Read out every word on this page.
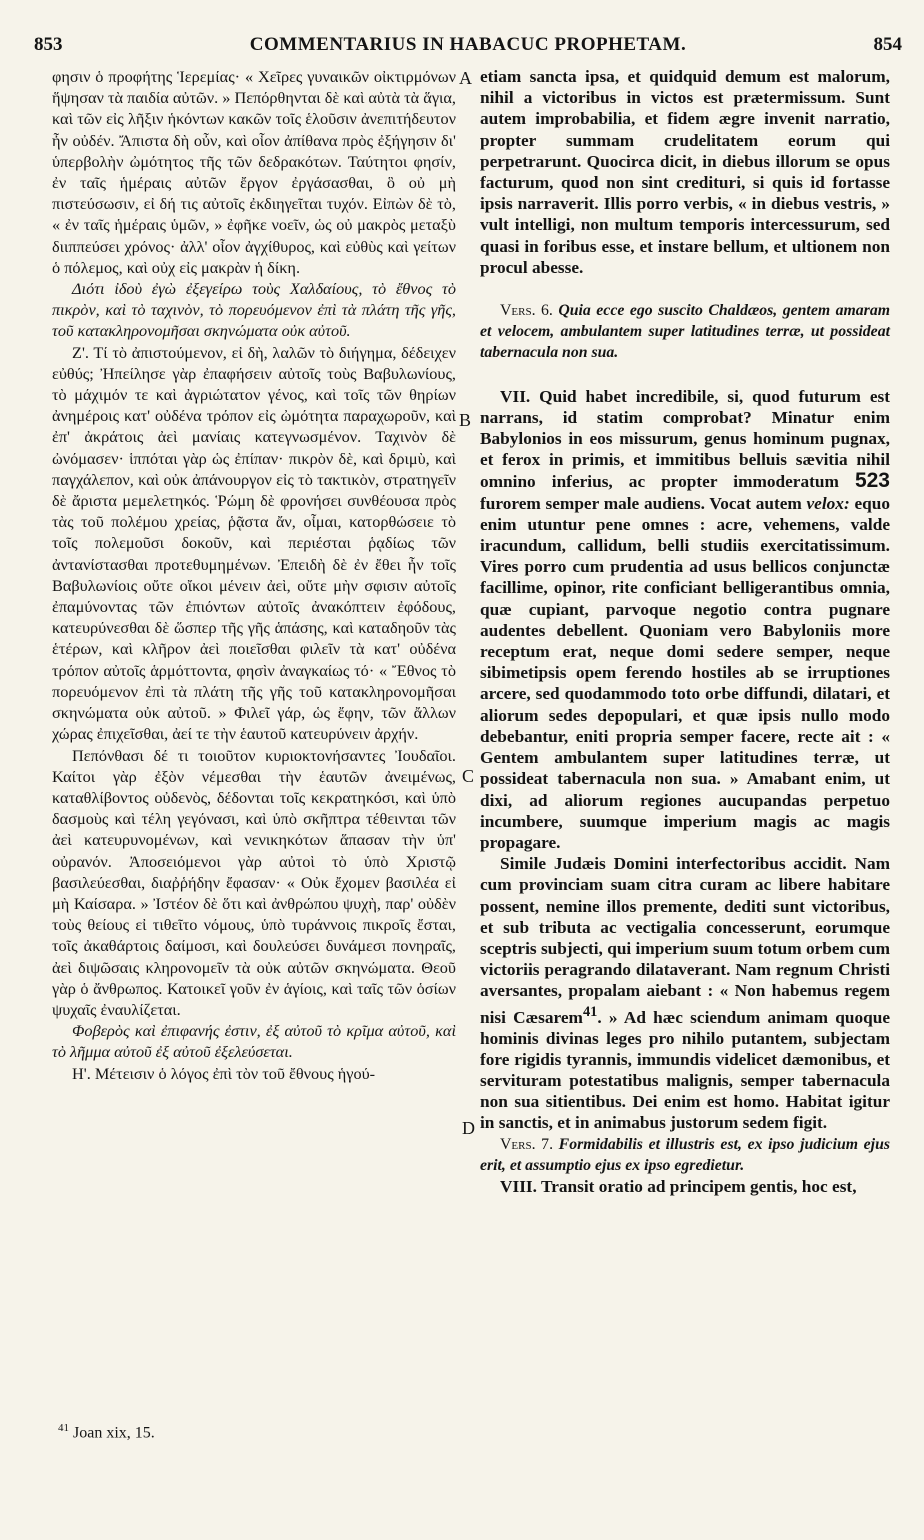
853	COMMENTARIUS IN HABACUC PROPHETAM.	854

φησιν ὁ προφήτης Ἱερεμίας· « Χεῖρες γυναικῶν οἰκτιρμόνων ἥψησαν τὰ παιδία αὐτῶν. » Πεπόρθηνται δὲ καὶ αὐτὰ τὰ ἅγια, καὶ τῶν εἰς λῆξιν ἡκόντων κακῶν τοῖς ἑλοῦσιν ἀνεπιτήδευτον ἦν οὐδέν. Ἄπιστα δὴ οὖν, καὶ οἷον ἀπίθανα πρὸς ἐξήγησιν δι' ὑπερβολὴν ὠμότητος τῆς τῶν δεδρακότων. Ταύτητοι φησίν, ἐν ταῖς ἡμέραις αὐτῶν ἔργον ἐργάσασθαι, ὃ οὐ μὴ πιστεύσωσιν, εἰ δή τις αὐτοῖς ἐκδιηγεῖται τυχόν. Εἰπὼν δὲ τὸ, « ἐν ταῖς ἡμέραις ὑμῶν, » ἐφῆκε νοεῖν, ὡς οὐ μακρὸς μεταξὺ διιππεύσει χρόνος· ἀλλ' οἷον ἀγχίθυρος, καὶ εὐθὺς καὶ γείτων ὁ πόλεμος, καὶ οὐχ εἰς μακρὰν ἡ δίκη.

Διότι ἰδοὺ ἐγὼ ἐξεγείρω τοὺς Χαλδαίους, τὸ ἔθνος τὸ πικρὸν, καὶ τὸ ταχινὸν, τὸ πορευόμενον ἐπὶ τὰ πλάτη τῆς γῆς, τοῦ κατακληρονομῆσαι σκηνώματα οὐκ αὐτοῦ.

Ζ'. Τί τὸ ἀπιστούμενον, εἰ δὴ, λαλῶν τὸ διήγημα, δέδειχεν εὐθύς; Ἠπείλησε γὰρ ἐπαφήσειν αὐτοῖς τοὺς Βαβυλωνίους, τὸ μάχιμόν τε καὶ ἀγριώτατον γένος, καὶ τοῖς τῶν θηρίων ἀνημέροις κατ' οὐδένα τρόπον εἰς ὠμότητα παραχωροῦν, καὶ ἐπ' ἀκράτοις ἀεὶ μανίαις κατεγνωσμένον. Ταχινὸν δὲ ὠνόμασεν· ἱππόται γὰρ ὡς ἐπίπαν· πικρὸν δὲ, καὶ δριμὺ, καὶ παγχάλεπον, καὶ οὐκ ἀπάνουργον εἰς τὸ τακτικὸν, στρατηγεῖν δὲ ἄριστα μεμελετηκός. Ῥώμη δὲ φρονήσει συνθέουσα πρὸς τὰς τοῦ πολέμου χρείας, ῥᾷστα ἄν, οἶμαι, κατορθώσειε τὸ τοῖς πολεμοῦσι δοκοῦν, καὶ περιέσται ῥᾳδίως τῶν ἀντανίστασθαι προτεθυμημένων. Ἐπειδὴ δὲ ἐν ἔθει ἦν τοῖς Βαβυλωνίοις οὔτε οἴκοι μένειν ἀεὶ, οὔτε μὴν σφισιν αὐτοῖς ἐπαμύνοντας τῶν ἐπιόντων αὐτοῖς ἀνακόπτειν ἐφόδους, κατευρύνεσθαι δὲ ὥσπερ τῆς γῆς ἁπάσης, καὶ καταδηοῦν τὰς ἑτέρων, καὶ κλῆρον ἀεὶ ποιεῖσθαι φιλεῖν τὰ κατ' οὐδένα τρόπον αὐτοῖς ἁρμόττοντα, φησὶν ἀναγκαίως τό· « Ἔθνος τὸ πορευόμενον ἐπὶ τὰ πλάτη τῆς γῆς τοῦ κατακληρονομῆσαι σκηνώματα οὐκ αὐτοῦ. » Φιλεῖ γάρ, ὡς ἔφην, τῶν ἄλλων χώρας ἐπιχεῖσθαι, ἀεί τε τὴν ἑαυτοῦ κατευρύνειν ἀρχήν.

Πεπόνθασι δέ τι τοιοῦτον κυριοκτονήσαντες Ἰουδαῖοι. Καίτοι γὰρ ἐξὸν νέμεσθαι τὴν ἑαυτῶν ἀνειμένως, καταθλίβοντος οὐδενὸς, δέδονται τοῖς κεκρατηκόσι, καὶ ὑπὸ δασμοὺς καὶ τέλη γεγόνασι, καὶ ὑπὸ σκῆπτρα τέθεινται τῶν ἀεὶ κατευρυνομένων, καὶ νενικηκότων ἅπασαν τὴν ὑπ' οὐρανόν. Ἀποσειόμενοι γὰρ αὐτοὶ τὸ ὑπὸ Χριστῷ βασιλεύεσθαι, διαῤῥήδην ἔφασαν· « Οὐκ ἔχομεν βασιλέα εἰ μὴ Καίσαρα. » Ἰστέον δὲ ὅτι καὶ ἀνθρώπου ψυχὴ, παρ' οὐδὲν τοὺς θείους εἰ τιθεῖτο νόμους, ὑπὸ τυράννοις πικροῖς ἔσται, τοῖς ἀκαθάρτοις δαίμοσι, καὶ δουλεύσει δυνάμεσι πονηραῖς, ἀεὶ διψῶσαις κληρονομεῖν τὰ οὐκ αὐτῶν σκηνώματα. Θεοῦ γὰρ ὁ ἄνθρωπος. Κατοικεῖ γοῦν ἐν ἁγίοις, καὶ ταῖς τῶν ὁσίων ψυχαῖς ἐναυλίζεται.

Φοβερὸς καὶ ἐπιφανής ἐστιν, ἐξ αὐτοῦ τὸ κρῖμα αὐτοῦ, καὶ τὸ λῆμμα αὐτοῦ ἐξ αὐτοῦ ἐξελεύσεται.

Η'. Μέτεισιν ὁ λόγος ἐπὶ τὸν τοῦ ἔθνους ἡγού-

A
B
C
D

etiam sancta ipsa, et quidquid demum est malorum, nihil a victoribus in victos est prætermissum. Sunt autem improbabilia, et fidem ægre invenit narratio, propter summam crudelitatem eorum qui perpetrarunt. Quocirca dicit, in diebus illorum se opus facturum, quod non sint credituri, si quis id fortasse ipsis narraverit. Illis porro verbis, « in diebus vestris, » vult intelligi, non multum temporis intercessurum, sed quasi in foribus esse, et instare bellum, et ultionem non procul abesse.

Vers. 6. Quia ecce ego suscito Chaldæos, gentem amaram et velocem, ambulantem super latitudines terræ, ut possideat tabernacula non sua.

VII. Quid habet incredibile, si, quod futurum est narrans, id statim comprobat? Minatur enim Babylonios in eos missurum, genus hominum pugnax, et ferox in primis, et immitibus belluis sævitia nihil omnino inferius, ac propter immoderatum 523 furorem semper male audiens. Vocat autem velox: equo enim utuntur pene omnes : acre, vehemens, valde iracundum, callidum, belli studiis exercitatissimum. Vires porro cum prudentia ad usus bellicos conjunctæ facillime, opinor, rite conficiant belligerantibus omnia, quæ cupiant, parvoque negotio contra pugnare audentes debellent. Quoniam vero Babyloniis more receptum erat, neque domi sedere semper, neque sibimetipsis opem ferendo hostiles ab se irruptiones arcere, sed quodammodo toto orbe diffundi, dilatari, et aliorum sedes depopulari, et quæ ipsis nullo modo debebantur, eniti propria semper facere, recte ait : « Gentem ambulantem super latitudines terræ, ut possideat tabernacula non sua. » Amabant enim, ut dixi, ad aliorum regiones aucupandas perpetuo incumbere, suumque imperium magis ac magis propagare.

Simile Judæis Domini interfectoribus accidit. Nam cum provinciam suam citra curam ac libere habitare possent, nemine illos premente, dediti sunt victoribus, et sub tributa ac vectigalia concesserunt, eorumque sceptris subjecti, qui imperium suum totum orbem cum victoriis peragrando dilataverant. Nam regnum Christi aversantes, propalam aiebant : « Non habemus regem nisi Cæsarem$^{41}$. » Ad hæc sciendum animam quoque hominis divinas leges pro nihilo putantem, subjectam fore rigidis tyrannis, immundis videlicet dæmonibus, et servituram potestatibus malignis, semper tabernacula non sua sitientibus. Dei enim est homo. Habitat igitur in sanctis, et in animabus justorum sedem figit.

Vers. 7. Formidabilis et illustris est, ex ipso judicium ejus erit, et assumptio ejus ex ipso egredietur.

VIII. Transit oratio ad principem gentis, hoc est,

$^{41}$ Joan xix, 15.
